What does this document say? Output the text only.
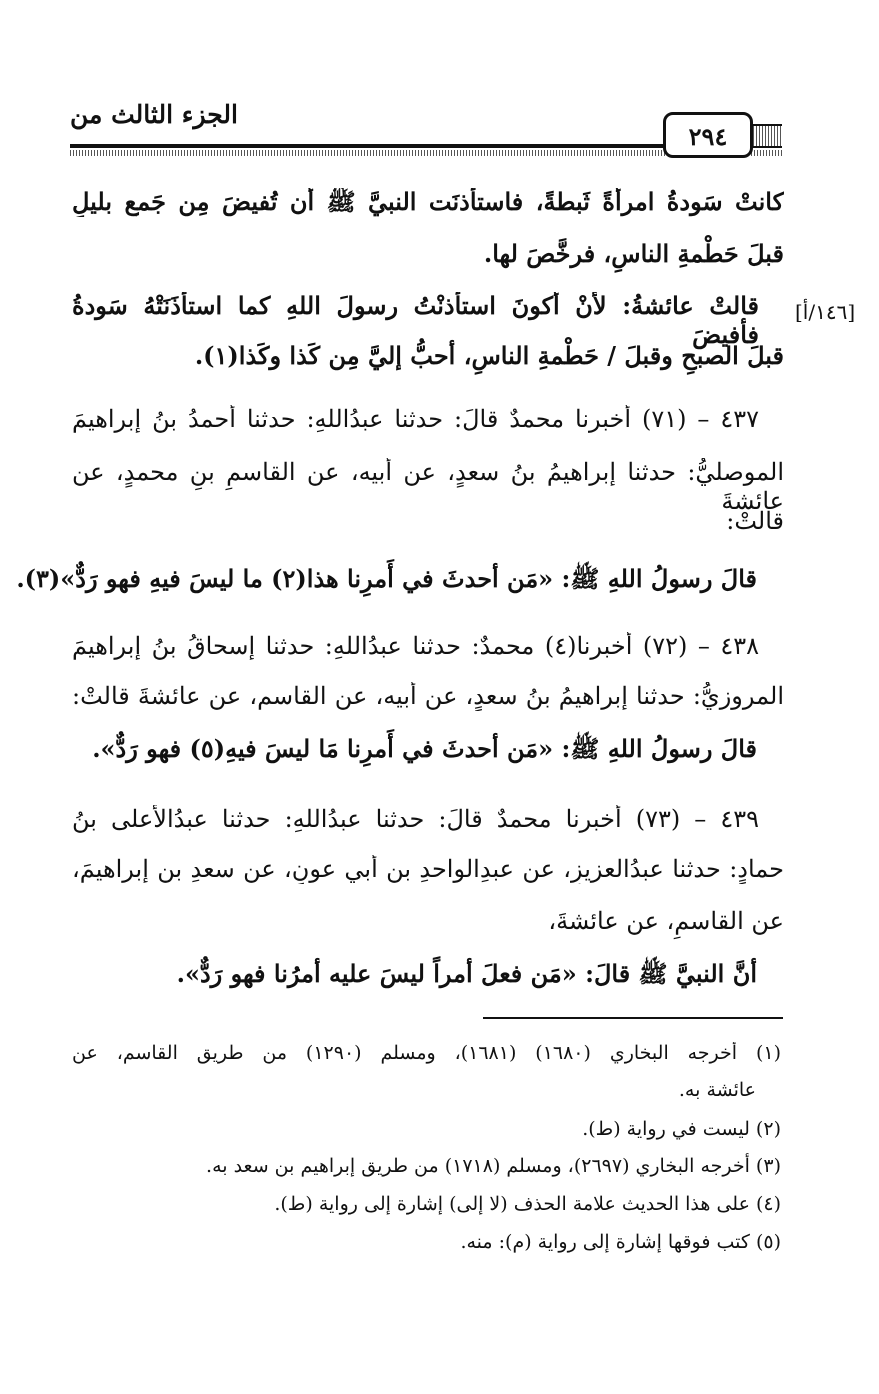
الجزء الثالث من
٢٩٤
[١٤٦/أ]
كانتْ سَودةُ امرأةً ثَبطةً، فاستأْذنَت النبيَّ ﷺ أَن تُفيضَ مِن جَمعٍ بليلٍ
قبلَ حَطْمةِ الناسِ، فرخَّصَ لها.
قالتْ عائشةُ: لأَنْ أَكونَ استأْذنْتُ رسولَ اللهِ كما استأْذَنَتْهُ سَودةُ فأفيضَ
قبلَ الصبحِ وقبلَ / حَطْمةِ الناسِ، أحبُّ إليَّ مِن كَذا وكَذا(١).
٤٣٧ – (٧١) أخبرنا محمدٌ قالَ: حدثنا عبدُاللهِ: حدثنا أحمدُ بنُ إبراهيمَ
الموصليُّ: حدثنا إبراهيمُ بنُ سعدٍ، عن أبيه، عن القاسمِ بنِ محمدٍ، عن عائشةَ
قالتْ:
قالَ رسولُ اللهِ ﷺ: «مَن أحدثَ في أَمرِنا هذا(٢) ما ليسَ فيهِ فهو رَدٌّ»(٣).
٤٣٨ – (٧٢) أخبرنا(٤) محمدٌ: حدثنا عبدُاللهِ: حدثنا إسحاقُ بنُ إبراهيمَ
المروزيُّ: حدثنا إبراهيمُ بنُ سعدٍ، عن أبيه، عن القاسمِ، عن عائشةَ قالتْ:
قالَ رسولُ اللهِ ﷺ: «مَن أحدثَ في أَمرِنا مَا ليسَ فيهِ(٥) فهو رَدٌّ».
٤٣٩ – (٧٣) أخبرنا محمدٌ قالَ: حدثنا عبدُاللهِ: حدثنا عبدُالأعلى بنُ
حمادٍ: حدثنا عبدُالعزيزِ، عن عبدِالواحدِ بنِ أبي عونٍ، عن سعدِ بنِ إبراهيمَ،
عن القاسمِ، عن عائشةَ،
أنَّ النبيَّ ﷺ قالَ: «مَن فعلَ أمراً ليسَ عليه أمرُنا فهو رَدٌّ».
(١) أخرجه البخاري (١٦٨٠) (١٦٨١)، ومسلم (١٢٩٠) من طريق القاسم، عن
عائشة به.
(٢) ليست في رواية (ط).
(٣) أخرجه البخاري (٢٦٩٧)، ومسلم (١٧١٨) من طريق إبراهيم بن سعد به.
(٤) على هذا الحديث علامة الحذف (لا إلى) إشارة إلى رواية (ط).
(٥) كتب فوقها إشارة إلى رواية (م): منه.
